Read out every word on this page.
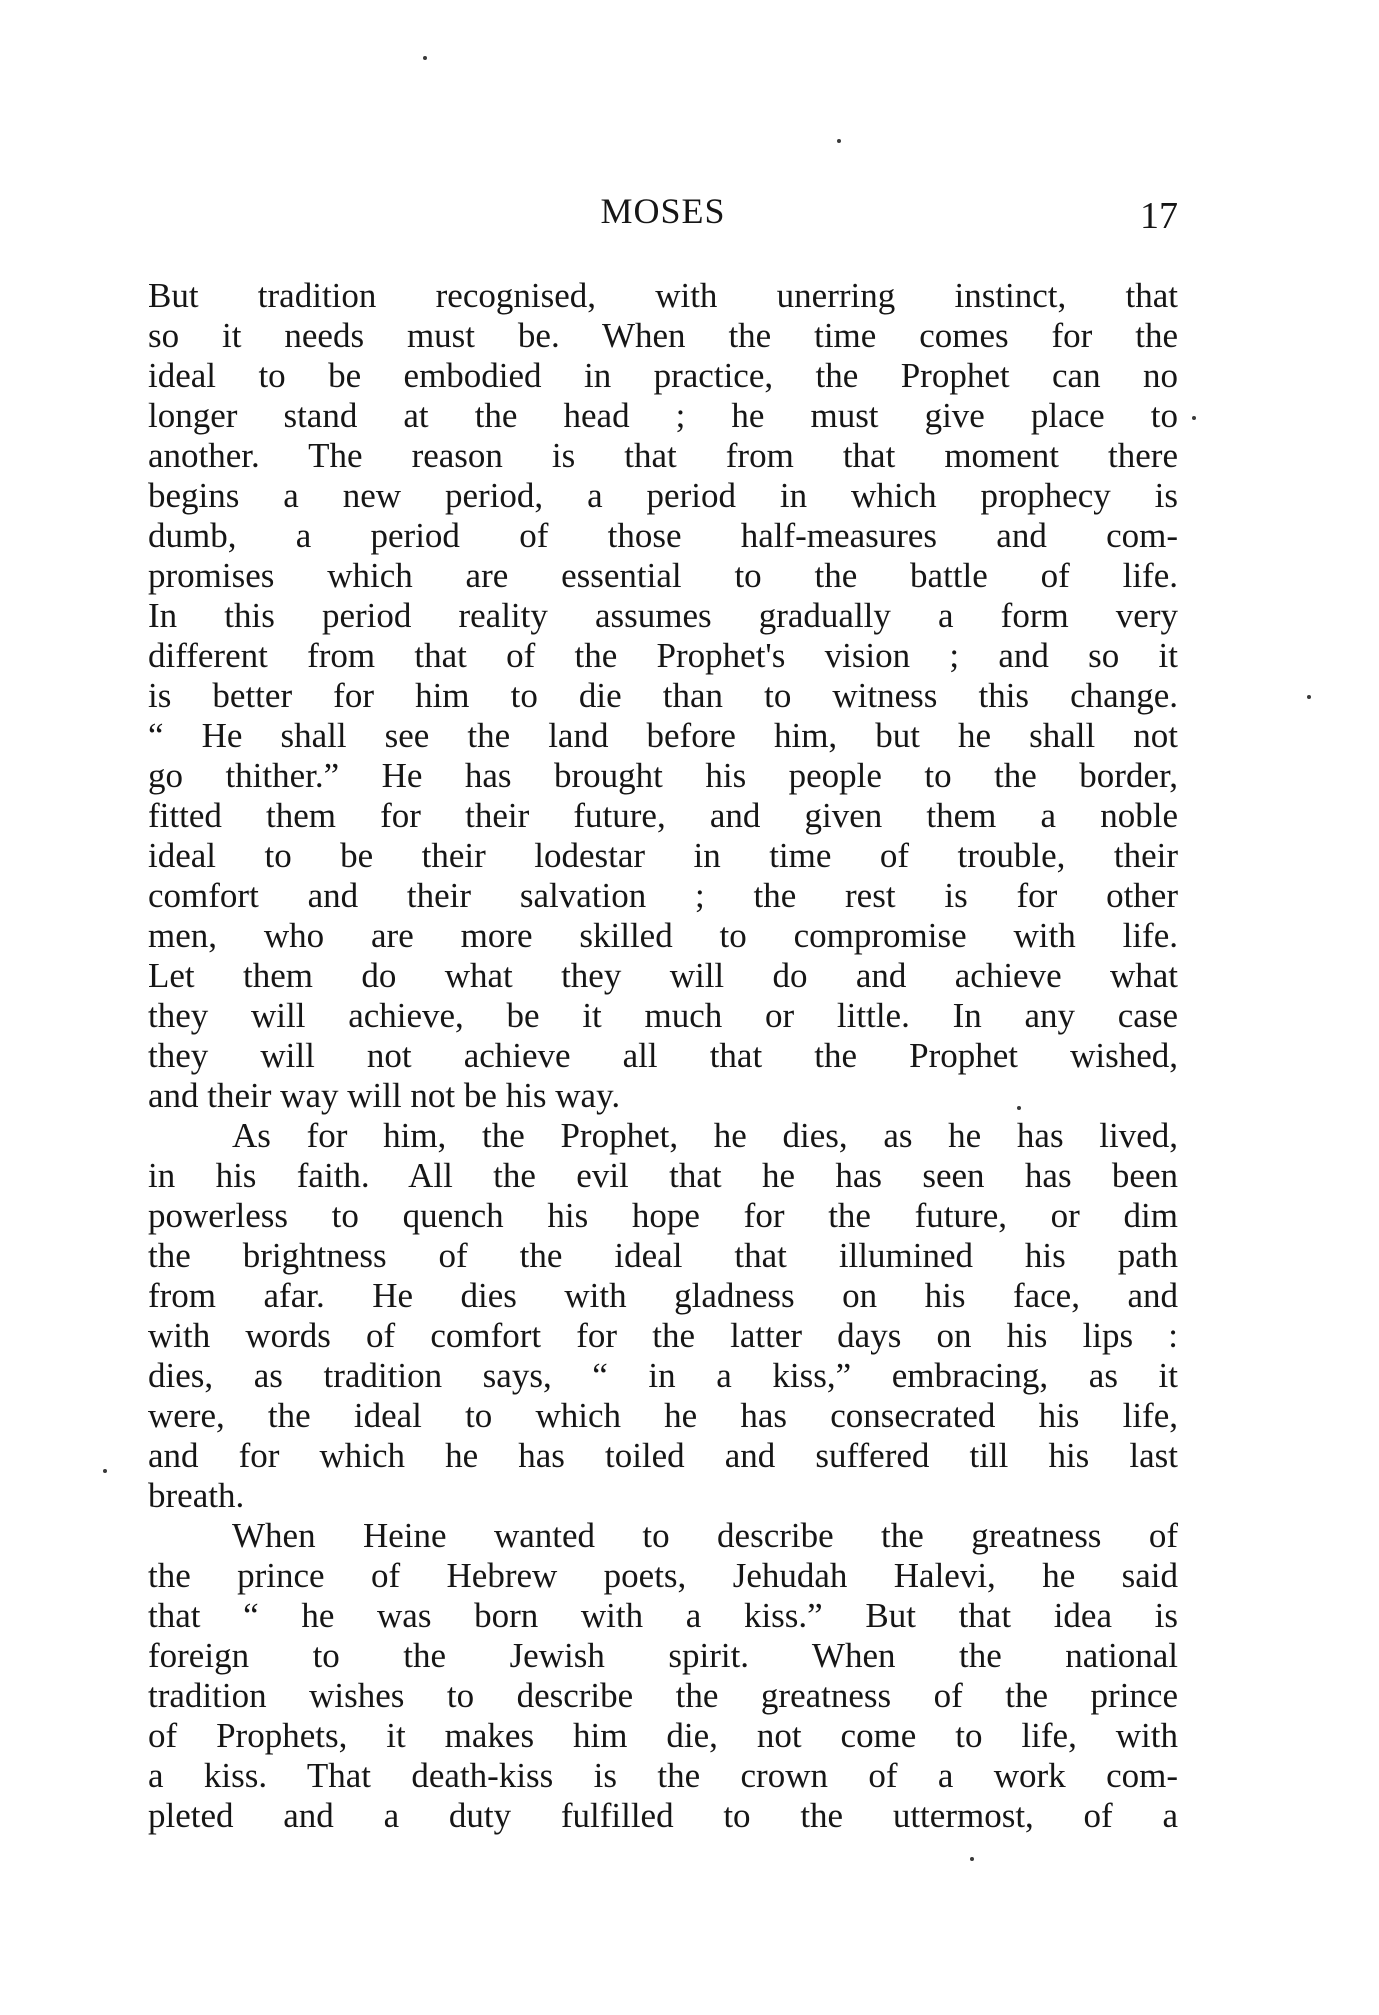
MOSES	17
But tradition recognised, with unerring instinct, that
so it needs must be. When the time comes for the
ideal to be embodied in practice, the Prophet can no
longer stand at the head ; he must give place to
another. The reason is that from that moment there
begins a new period, a period in which prophecy is
dumb, a period of those half-measures and com-
promises which are essential to the battle of life.
In this period reality assumes gradually a form very
different from that of the Prophet's vision ; and so it
is better for him to die than to witness this change.
“ He shall see the land before him, but he shall not
go thither.” He has brought his people to the border,
fitted them for their future, and given them a noble
ideal to be their lodestar in time of trouble, their
comfort and their salvation ; the rest is for other
men, who are more skilled to compromise with life.
Let them do what they will do and achieve what
they will achieve, be it much or little. In any case
they will not achieve all that the Prophet wished,
and their way will not be his way.
As for him, the Prophet, he dies, as he has lived,
in his faith. All the evil that he has seen has been
powerless to quench his hope for the future, or dim
the brightness of the ideal that illumined his path
from afar. He dies with gladness on his face, and
with words of comfort for the latter days on his lips :
dies, as tradition says, “ in a kiss,” embracing, as it
were, the ideal to which he has consecrated his life,
and for which he has toiled and suffered till his last
breath.
When Heine wanted to describe the greatness of
the prince of Hebrew poets, Jehudah Halevi, he said
that “ he was born with a kiss.” But that idea is
foreign to the Jewish spirit. When the national
tradition wishes to describe the greatness of the prince
of Prophets, it makes him die, not come to life, with
a kiss. That death-kiss is the crown of a work com-
pleted and a duty fulfilled to the uttermost, of a
